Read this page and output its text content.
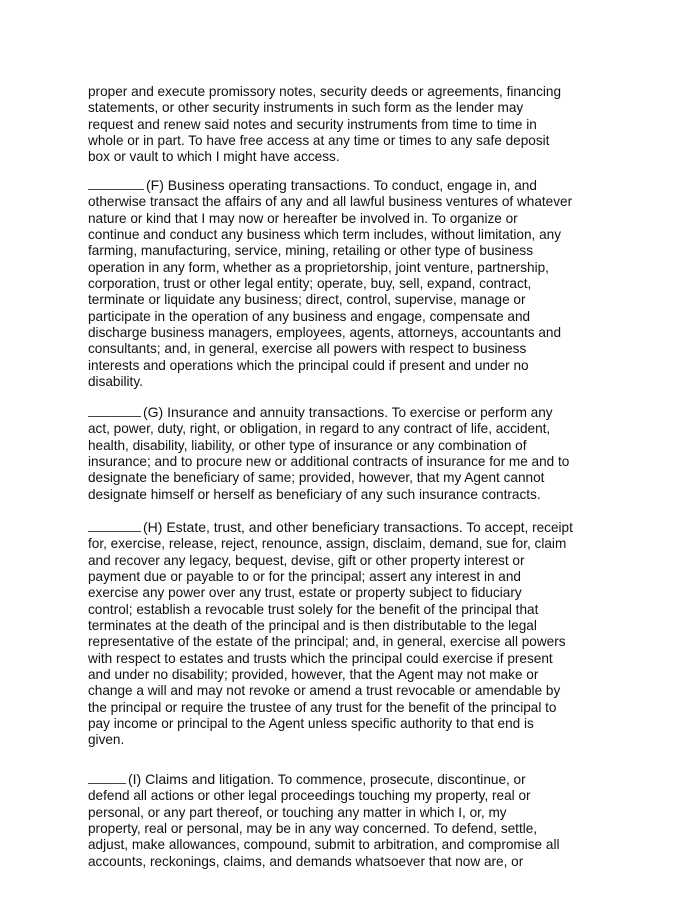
proper and execute promissory notes, security deeds or agreements, financing
statements, or other security instruments in such form as the lender may
request and renew said notes and security instruments from time to time in
whole or in part. To have free access at any time or times to any safe deposit
box or vault to which I might have access.

(F) Business operating transactions. To conduct, engage in, and
otherwise transact the affairs of any and all lawful business ventures of whatever
nature or kind that I may now or hereafter be involved in. To organize or
continue and conduct any business which term includes, without limitation, any
farming, manufacturing, service, mining, retailing or other type of business
operation in any form, whether as a proprietorship, joint venture, partnership,
corporation, trust or other legal entity; operate, buy, sell, expand, contract,
terminate or liquidate any business; direct, control, supervise, manage or
participate in the operation of any business and engage, compensate and
discharge business managers, employees, agents, attorneys, accountants and
consultants; and, in general, exercise all powers with respect to business
interests and operations which the principal could if present and under no
disability.

(G) Insurance and annuity transactions. To exercise or perform any
act, power, duty, right, or obligation, in regard to any contract of life, accident,
health, disability, liability, or other type of insurance or any combination of
insurance; and to procure new or additional contracts of insurance for me and to
designate the beneficiary of same; provided, however, that my Agent cannot
designate himself or herself as beneficiary of any such insurance contracts.

(H) Estate, trust, and other beneficiary transactions. To accept, receipt
for, exercise, release, reject, renounce, assign, disclaim, demand, sue for, claim
and recover any legacy, bequest, devise, gift or other property interest or
payment due or payable to or for the principal; assert any interest in and
exercise any power over any trust, estate or property subject to fiduciary
control; establish a revocable trust solely for the benefit of the principal that
terminates at the death of the principal and is then distributable to the legal
representative of the estate of the principal; and, in general, exercise all powers
with respect to estates and trusts which the principal could exercise if present
and under no disability; provided, however, that the Agent may not make or
change a will and may not revoke or amend a trust revocable or amendable by
the principal or require the trustee of any trust for the benefit of the principal to
pay income or principal to the Agent unless specific authority to that end is
given.

(I) Claims and litigation. To commence, prosecute, discontinue, or
defend all actions or other legal proceedings touching my property, real or
personal, or any part thereof, or touching any matter in which I, or, my
property, real or personal, may be in any way concerned. To defend, settle,
adjust, make allowances, compound, submit to arbitration, and compromise all
accounts, reckonings, claims, and demands whatsoever that now are, or
